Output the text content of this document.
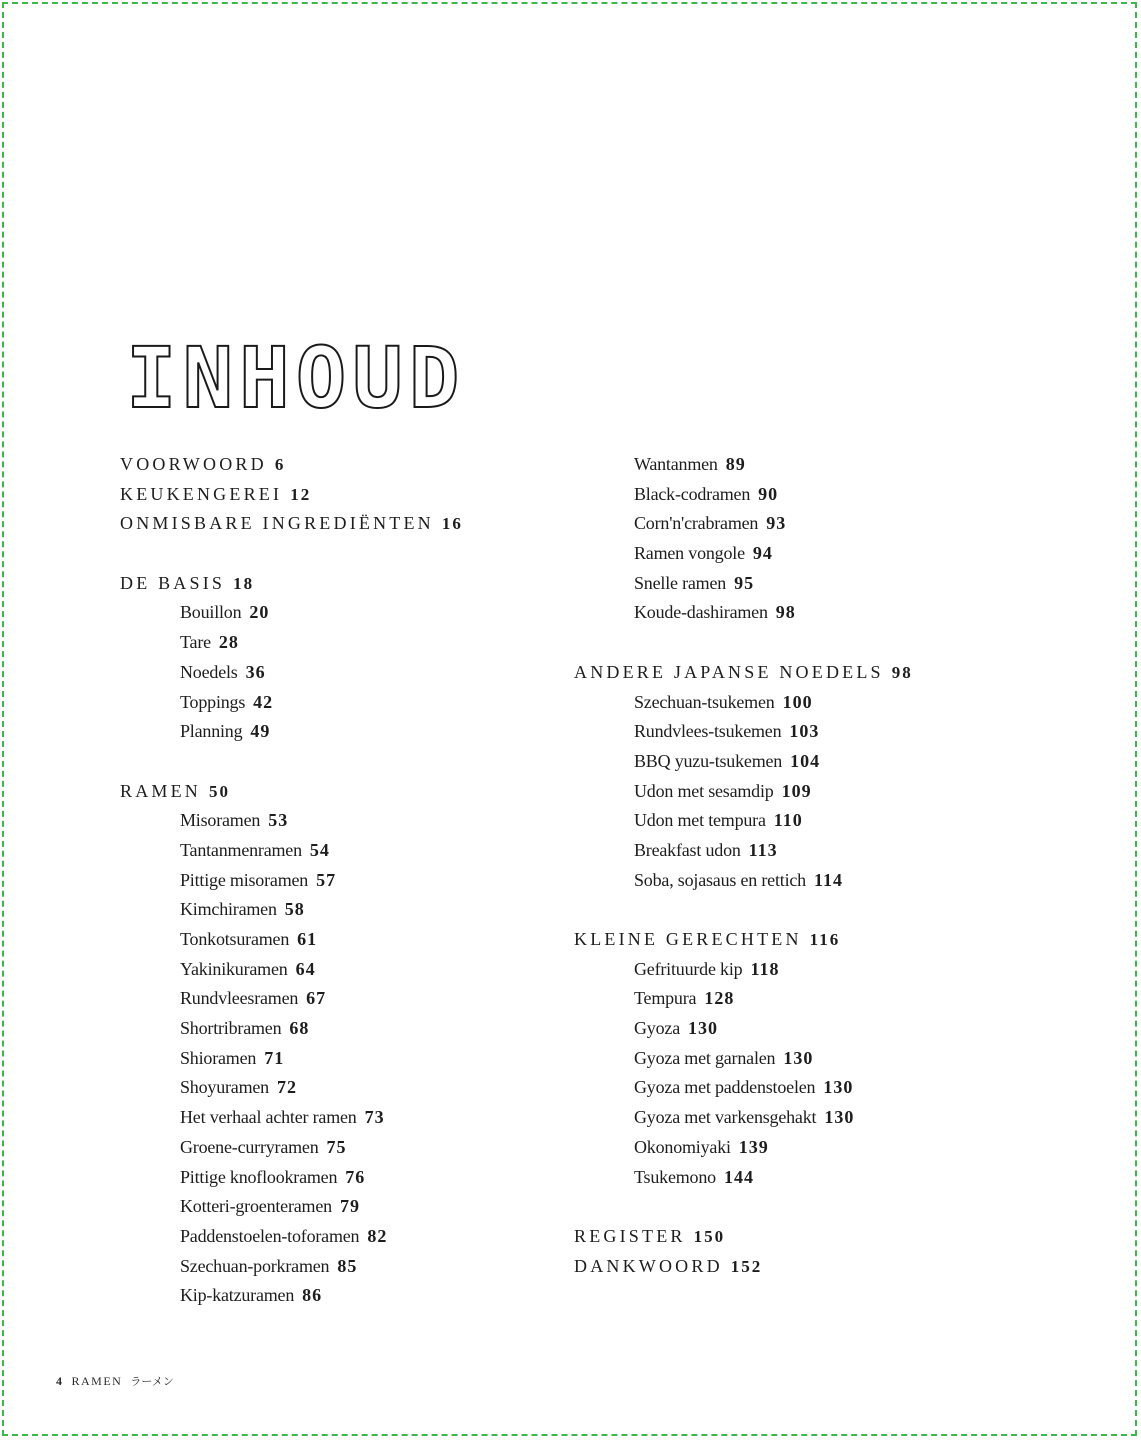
INHOUD
VOORWOORD 6
KEUKENGEREI 12
ONMISBARE INGREDIËNTEN 16
DE BASIS 18
Bouillon 20
Tare 28
Noedels 36
Toppings 42
Planning 49
RAMEN 50
Misoramen 53
Tantanmenramen 54
Pittige misoramen 57
Kimchiramen 58
Tonkotsuramen 61
Yakinikuramen 64
Rundvleesramen 67
Shortribramen 68
Shioramen 71
Shoyuramen 72
Het verhaal achter ramen 73
Groene-curryramen 75
Pittige knoflookramen 76
Kotteri-groenteramen 79
Paddenstoelen-toforamen 82
Szechuan-porkramen 85
Kip-katzuramen 86
Wantanmen 89
Black-codramen 90
Corn'n'crabramen 93
Ramen vongole 94
Snelle ramen 95
Koude-dashiramen 98
ANDERE JAPANSE NOEDELS 98
Szechuan-tsukemen 100
Rundvlees-tsukemen 103
BBQ yuzu-tsukemen 104
Udon met sesamdip 109
Udon met tempura 110
Breakfast udon 113
Soba, sojasaus en rettich 114
KLEINE GERECHTEN 116
Gefrituurde kip 118
Tempura 128
Gyoza 130
Gyoza met garnalen 130
Gyoza met paddenstoelen 130
Gyoza met varkensgehakt 130
Okonomiyaki 139
Tsukemono 144
REGISTER 150
DANKWOORD 152
4 RAMEN ラーメン
